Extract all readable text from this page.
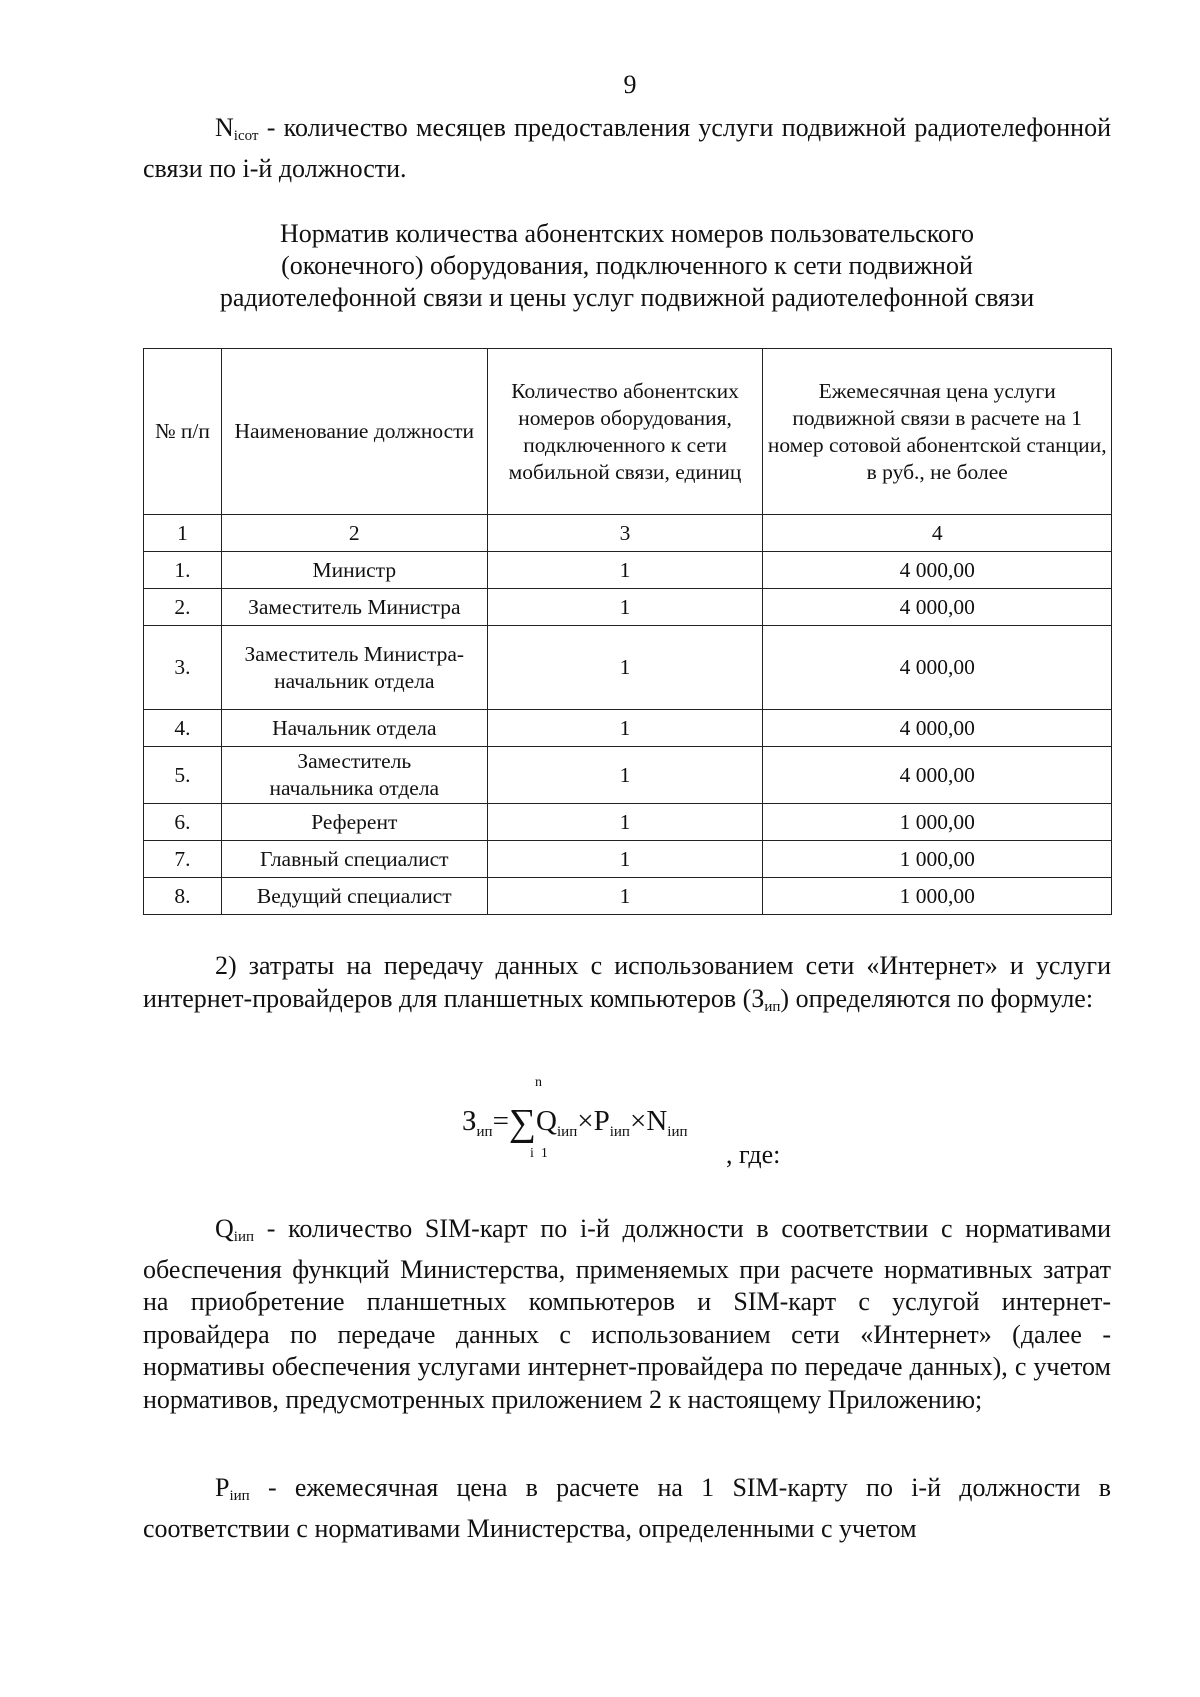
9

$N_{icот}$ - количество месяцев предоставления услуги подвижной радиотелефонной связи по i-й должности.

Норматив количества абонентских номеров пользовательского
(оконечного) оборудования, подключенного к сети подвижной
радиотелефонной связи и цены услуг подвижной радиотелефонной связи
№ п/п	Наименование должности	Количество абонентских номеров оборудования, подключенного к сети мобильной связи, единиц	Ежемесячная цена услуги подвижной связи в расчете на 1 номер сотовой абонентской станции, в руб., не более
1	2	3	4
1.	Министр	1	4 000,00
2.	Заместитель Министра	1	4 000,00
3.	Заместитель Министра-начальник отдела	1	4 000,00
4.	Начальник отдела	1	4 000,00
5.	Заместитель начальника отдела	1	4 000,00
6.	Референт	1	1 000,00
7.	Главный специалист	1	1 000,00
8.	Ведущий специалист	1	1 000,00

2) затраты на передачу данных с использованием сети «Интернет» и услуги интернет-провайдеров для планшетных компьютеров $(З_{ип})$ определяются по формуле:

n
$З_{ип}=\sum Q_{iип}\times P_{iип}\times N_{iип}$
i  1	, где:

$Q_{iип}$ - количество SIM-карт по i-й должности в соответствии с нормативами обеспечения функций Министерства, применяемых при расчете нормативных затрат на приобретение планшетных компьютеров и SIM-карт с услугой интернет-провайдера по передаче данных с использованием сети «Интернет» (далее - нормативы обеспечения услугами интернет-провайдера по передаче данных), с учетом нормативов, предусмотренных приложением 2 к настоящему Приложению;

$P_{iип}$ - ежемесячная цена в расчете на 1 SIM-карту по i-й должности в соответствии с нормативами Министерства, определенными с учетом
